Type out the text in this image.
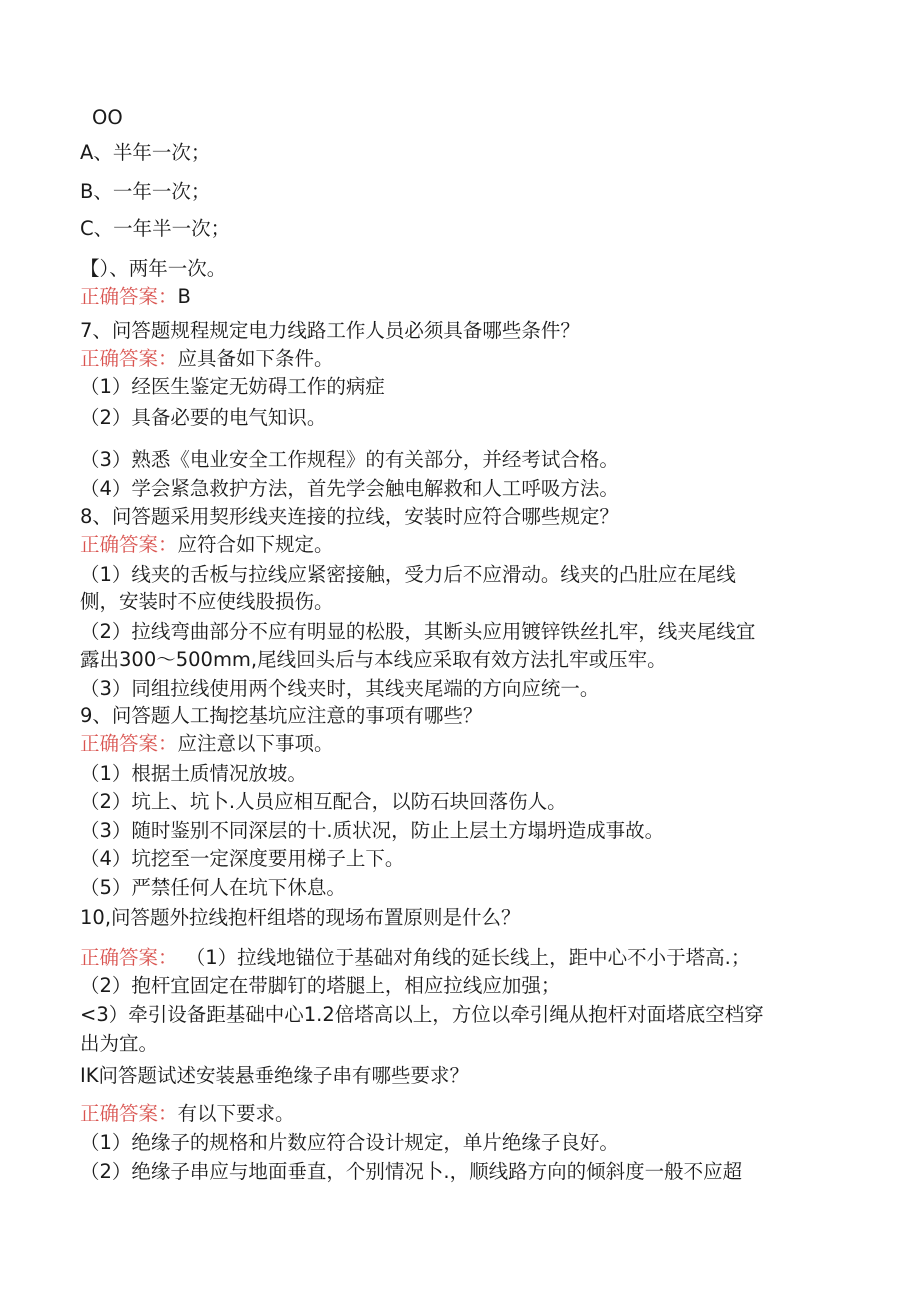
OO
A、半年一次；
B、一年一次；
C、一年半一次；
【）、两年一次。
正确答案：B
7、问答题规程规定电力线路工作人员必须具备哪些条件？
正确答案：应具备如下条件。
（1）经医生鉴定无妨碍工作的病症
（2）具备必要的电气知识。
（3）熟悉《电业安全工作规程》的有关部分，并经考试合格。
（4）学会紧急救护方法，首先学会触电解救和人工呼吸方法。
8、问答题采用契形线夹连接的拉线，安装时应符合哪些规定？
正确答案：应符合如下规定。
（1）线夹的舌板与拉线应紧密接触，受力后不应滑动。线夹的凸肚应在尾线
侧，安装时不应使线股损伤。
（2）拉线弯曲部分不应有明显的松股，其断头应用镀锌铁丝扎牢，线夹尾线宜
露出300～500mm,尾线回头后与本线应采取有效方法扎牢或压牢。
（3）同组拉线使用两个线夹时，其线夹尾端的方向应统一。
9、问答题人工掏挖基坑应注意的事项有哪些？
正确答案：应注意以下事项。
（1）根据土质情况放坡。
（2）坑上、坑卜.人员应相互配合，以防石块回落伤人。
（3）随时鉴别不同深层的十.质状况，防止上层土方塌坍造成事故。
（4）坑挖至一定深度要用梯子上下。
（5）严禁任何人在坑下休息。
10,问答题外拉线抱杆组塔的现场布置原则是什么？
正确答案： （1）拉线地锚位于基础对角线的延长线上，距中心不小于塔高.；
（2）抱杆宜固定在带脚钉的塔腿上，相应拉线应加强；
<3）牵引设备距基础中心1.2倍塔高以上，方位以牵引绳从抱杆对面塔底空档穿
出为宜。
IK问答题试述安装悬垂绝缘子串有哪些要求？
正确答案：有以下要求。
（1）绝缘子的规格和片数应符合设计规定，单片绝缘子良好。
（2）绝缘子串应与地面垂直，个别情况卜.，顺线路方向的倾斜度一般不应超
